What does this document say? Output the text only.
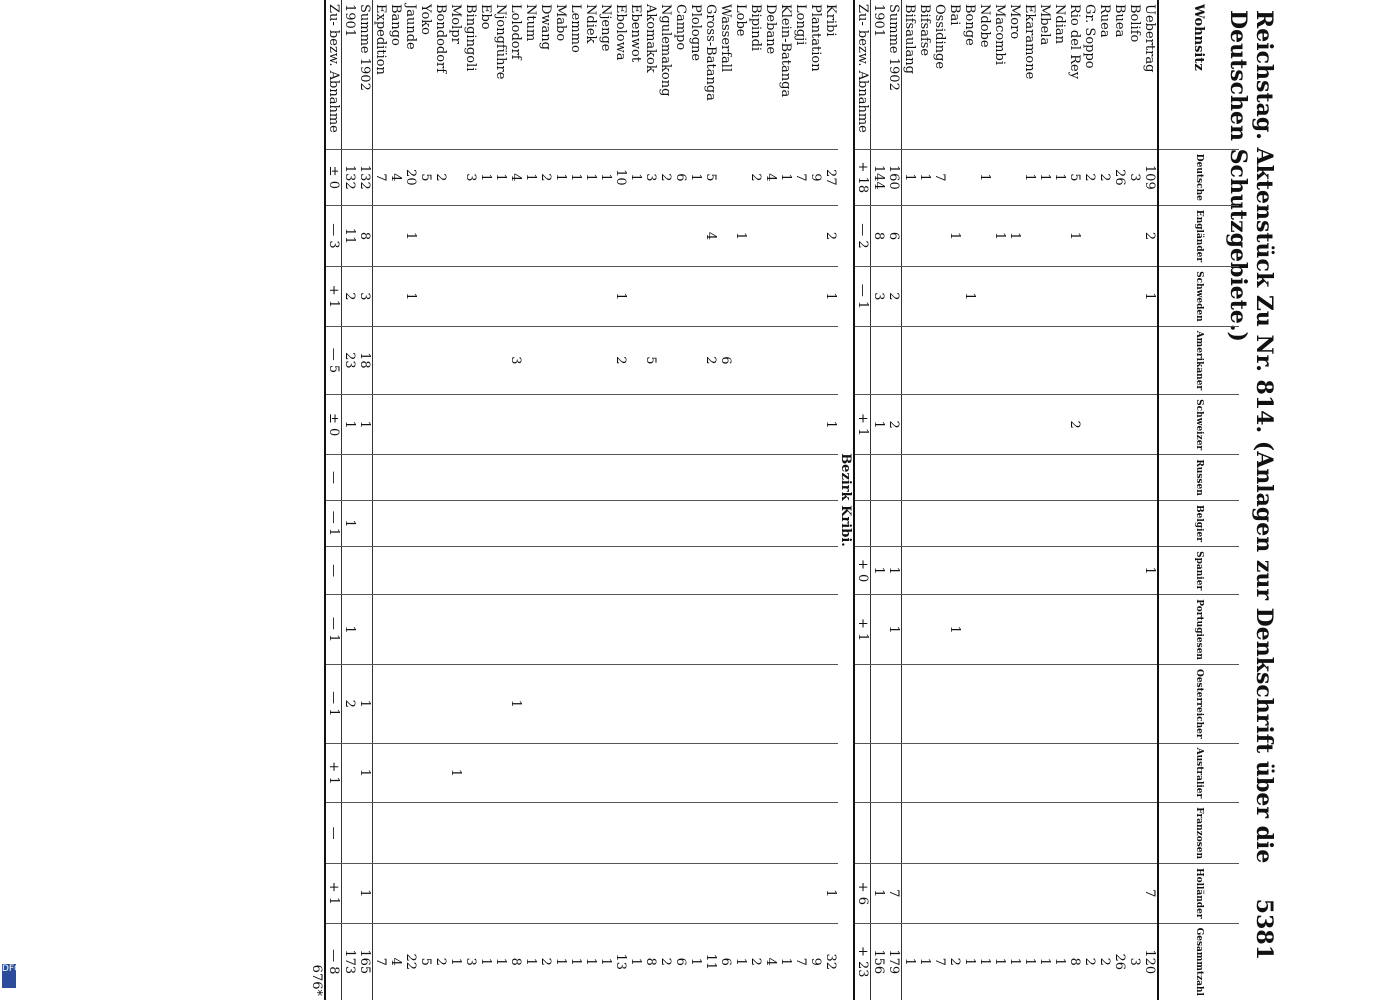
Reichstag. Aktenstück Zu Nr. 814. (Anlagen zur Denkschrift über die Deutschen Schutzgebiete.)
5381
Wohnsitz	Deutsche	Engländer	Schweden	Amerikaner	Schweizer	Russen	Belgier	Spanier	Portugiesen	Oesterreicher	Australier	Franzosen	Holländer	Gesammtzahl
Uebertrag	109	2	1					1					7	120
Bolifo	3													3
Buea	26													26
Ruea	2													2
Gr. Soppo	2													2
Rio del Rey	5	1			2									8
Ndian	1													1
Mbela	1													1
Ekaramone	1													1
Moro		1												1
Macombi		1												1
Ndobe	1													1
Bonge			1											1
Bai		1							1					2
Ossidinge	7													7
Bifsafse	1													1
Bifsaulang	1													1
Summe 1902	160	6	2		2			1	1				7	179
1901	144	8	3		1			1					1	156
Zu- bezw. Abnahme	+ 18	— 2	— 1		+ 1			+ 0	+ 1				+ 6	+ 23
Bezirk Kribi.														
Kribi	27	2	1		1								1	32
Plantation	9													9
Longji	7													7
Klein-Batanga	1													1
Debane	4													4
Bipindi	2													2
Lobe		1												1
Wasserfall				6										6
Gross-Batanga	5	4		2										11
Plologne	1													1
Campo	6													6
Ngulemakong	2													2
Akomakok	3			5										8
Ebenwot	1													1
Ebolowa	10		1	2										13
Njenge	1													1
Ndiek	1													1
Lemmo	1													1
Mabo	1													1
Dwang	2													2
Ntum	1													1
Lolodorf	4			3						1				8
Njongführe	1													1
Ebo	1													1
Bingingoli	3													3
Molpr											1			1
Bondodorf	2													2
Yoko	5													5
Jaunde	20	1	1											22
Bango	4													4
Expedition	7													7
Summe 1902	132	8	3	18	1					1	1		1	165
1901	132	11	2	23	1		1		1	2				173
Zu- bezw. Abnahme	± 0	— 3	+ 1	— 5	± 0	—	— 1	—	— 1	— 1	+ 1	—	+ 1	— 8
676*														
DFG
